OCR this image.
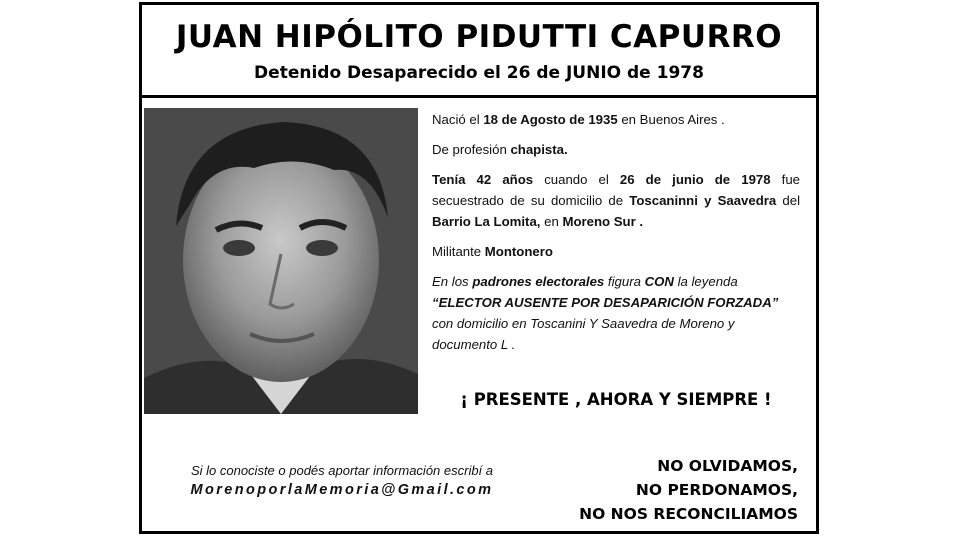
JUAN HIPÓLITO PIDUTTI CAPURRO
Detenido Desaparecido el 26 de JUNIO de 1978

Nació el 18 de Agosto de 1935 en Buenos Aires .

De profesión chapista.

Tenía 42 años cuando el 26 de junio de 1978 fue secuestrado de su domicilio de Toscaninni y Saavedra del Barrio La Lomita, en Moreno Sur .

Militante Montonero

En los padrones electorales figura CON la leyenda
“ELECTOR AUSENTE POR DESAPARICIÓN FORZADA” con domicilio en Toscanini Y Saavedra de Moreno y documento L .

¡ PRESENTE , AHORA Y SIEMPRE !
Si lo conociste o podés aportar información escribí a
MorenoporlaMemoria@Gmail.com
NO OLVIDAMOS,
NO PERDONAMOS,
NO NOS RECONCILIAMOS
